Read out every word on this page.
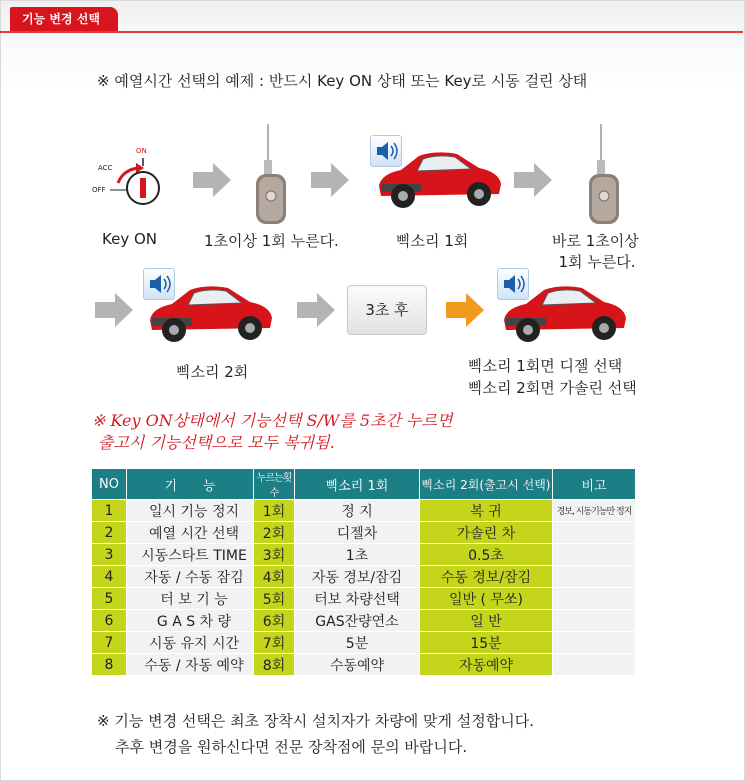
기능 변경 선택
※ 예열시간 선택의 예제 : 반드시 Key ON 상태 또는 Key로 시동 걸린 상태
ON
ACC
OFF
Key ON	1초이상 1회 누른다.	삑소리 1회	바로 1초이상
1회 누른다.
3초 후
삑소리 2회	삑소리 1회면 디젤 선택
삑소리 2회면 가솔린 선택
※ Key ON상태에서 기능선택 S/W를 5초간 누르면
출고시 기능선택으로 모두 복귀됨.
NO	기　　능	누르는횟수	삑소리 1회	삑소리 2회(출고시 선택)	비고
1	일시 기능 정지	1회	정 지	복 귀	경보, 시동기능만 정지
2	예열 시간 선택	2회	디젤차	가솔린 차	
3	시동스타트 TIME	3회	1초	0.5초	
4	자동 / 수동 잠김	4회	자동 경보/잠김	수동 경보/잠김	
5	터 보 기 능	5회	터보 차량선택	일반 ( 무쏘)	
6	G A S 차 량	6회	GAS잔량연소	일 반	
7	시동 유지 시간	7회	5분	15분	
8	수동 / 자동 예약	8회	수동예약	자동예약	
※ 기능 변경 선택은 최초 장착시 설치자가 차량에 맞게 설정합니다.
추후 변경을 원하신다면 전문 장착점에 문의 바랍니다.
